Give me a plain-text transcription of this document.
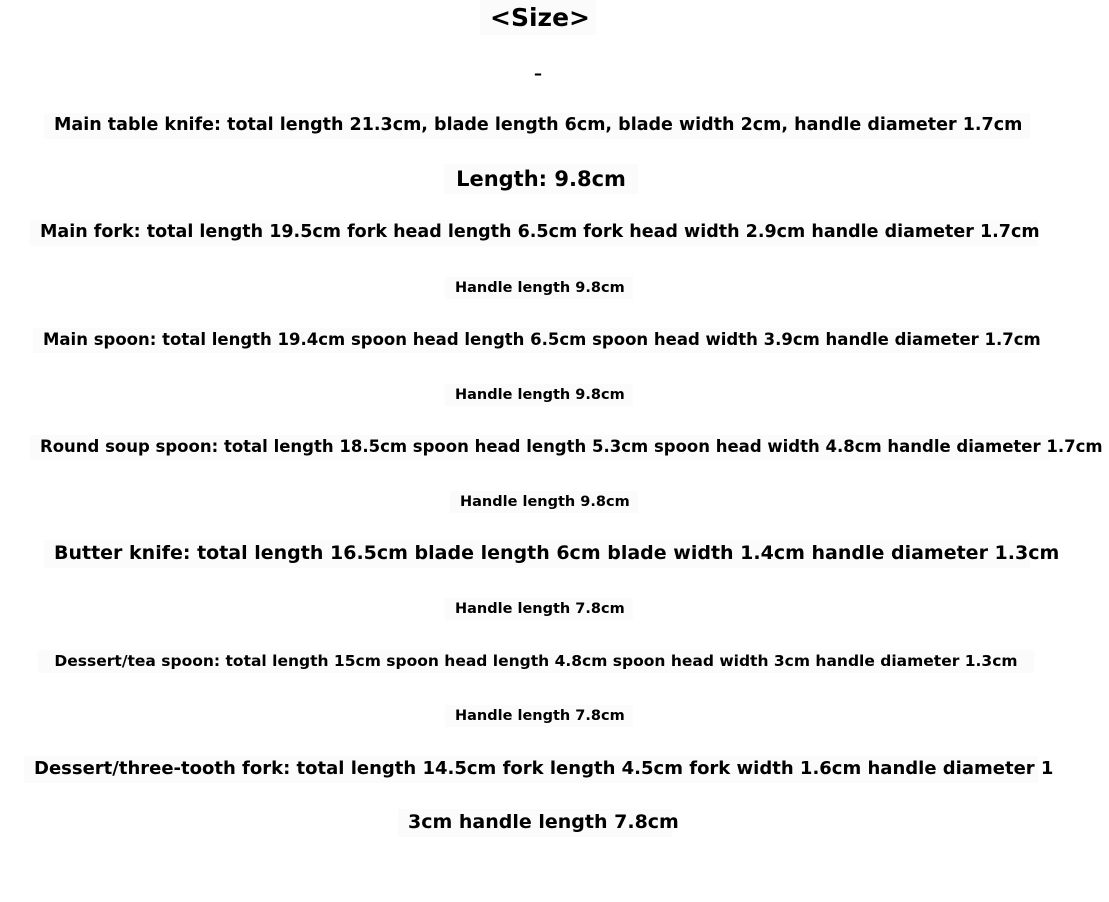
<Size>
–
Main table knife: total length 21.3cm, blade length 6cm, blade width 2cm, handle diameter 1.7cm
Length: 9.8cm
Main fork: total length 19.5cm fork head length 6.5cm fork head width 2.9cm handle diameter 1.7cm
Handle length 9.8cm
Main spoon: total length 19.4cm spoon head length 6.5cm spoon head width 3.9cm handle diameter 1.7cm
Handle length 9.8cm
Round soup spoon: total length 18.5cm spoon head length 5.3cm spoon head width 4.8cm handle diameter 1.7cm
Handle length 9.8cm
Butter knife: total length 16.5cm blade length 6cm blade width 1.4cm handle diameter 1.3cm
Handle length 7.8cm
Dessert/tea spoon: total length 15cm spoon head length 4.8cm spoon head width 3cm handle diameter 1.3cm
Handle length 7.8cm
Dessert/three-tooth fork: total length 14.5cm fork length 4.5cm fork width 1.6cm handle diameter 1
3cm handle length 7.8cm
